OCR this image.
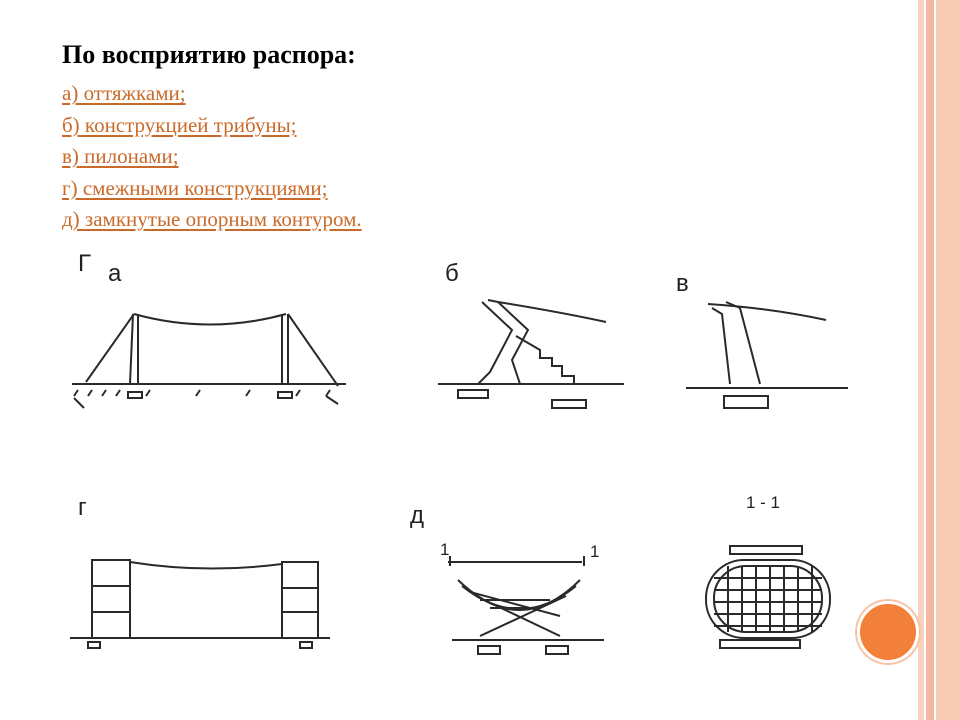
По восприятию распора:
а) оттяжками;
б) конструкцией трибуны;
в) пилонами;
г) смежными конструкциями;
д) замкнутые опорным контуром.
Г а	б	в
г	д
1	1
1 - 1
